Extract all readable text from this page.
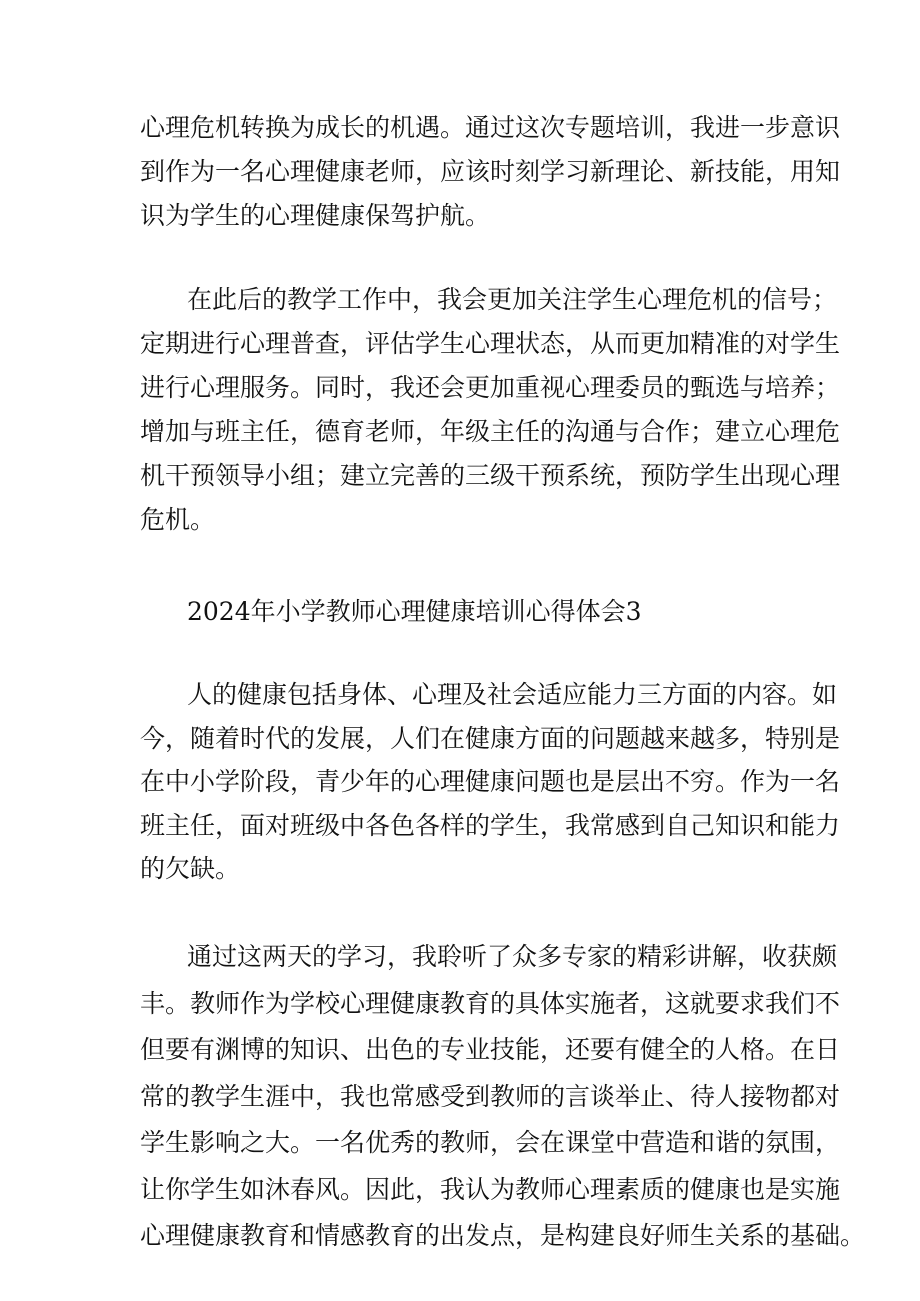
心理危机转换为成长的机遇。通过这次专题培训，我进一步意识
到作为一名心理健康老师，应该时刻学习新理论、新技能，用知
识为学生的心理健康保驾护航。
在此后的教学工作中，我会更加关注学生心理危机的信号；
定期进行心理普查，评估学生心理状态，从而更加精准的对学生
进行心理服务。同时，我还会更加重视心理委员的甄选与培养；
增加与班主任，德育老师，年级主任的沟通与合作；建立心理危
机干预领导小组；建立完善的三级干预系统，预防学生出现心理
危机。
2024年小学教师心理健康培训心得体会3
人的健康包括身体、心理及社会适应能力三方面的内容。如
今，随着时代的发展，人们在健康方面的问题越来越多，特别是
在中小学阶段，青少年的心理健康问题也是层出不穷。作为一名
班主任，面对班级中各色各样的学生，我常感到自己知识和能力
的欠缺。
通过这两天的学习，我聆听了众多专家的精彩讲解，收获颇
丰。教师作为学校心理健康教育的具体实施者，这就要求我们不
但要有渊博的知识、出色的专业技能，还要有健全的人格。在日
常的教学生涯中，我也常感受到教师的言谈举止、待人接物都对
学生影响之大。一名优秀的教师，会在课堂中营造和谐的氛围，
让你学生如沐春风。因此，我认为教师心理素质的健康也是实施
心理健康教育和情感教育的出发点，是构建良好师生关系的基础。
